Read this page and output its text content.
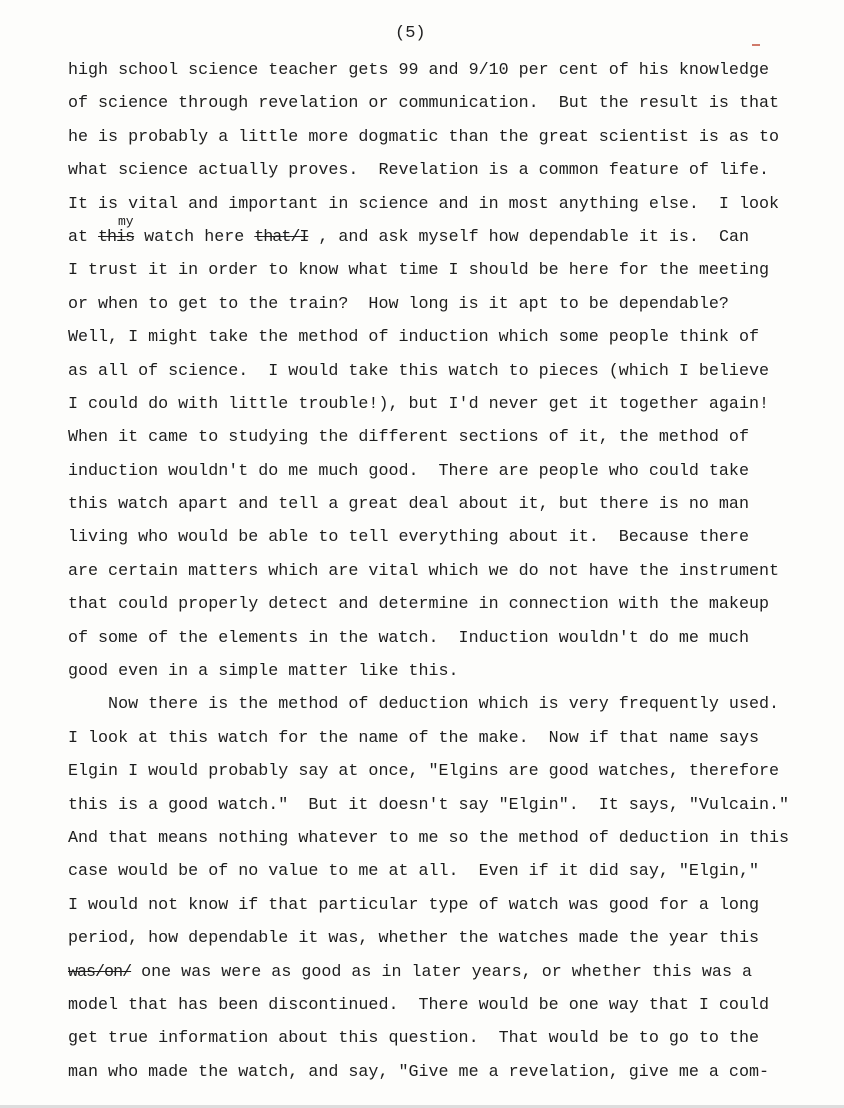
(5)
my
high school science teacher gets 99 and 9/10 per cent of his knowledge
of science through revelation or communication.  But the result is that
he is probably a little more dogmatic than the great scientist is as to
what science actually proves.  Revelation is a common feature of life.
It is vital and important in science and in most anything else.  I look
at this watch here that/I , and ask myself how dependable it is.  Can
I trust it in order to know what time I should be here for the meeting
or when to get to the train?  How long is it apt to be dependable?
Well, I might take the method of induction which some people think of
as all of science.  I would take this watch to pieces (which I believe
I could do with little trouble!), but I'd never get it together again!
When it came to studying the different sections of it, the method of
induction wouldn't do me much good.  There are people who could take
this watch apart and tell a great deal about it, but there is no man
living who would be able to tell everything about it.  Because there
are certain matters which are vital which we do not have the instrument
that could properly detect and determine in connection with the makeup
of some of the elements in the watch.  Induction wouldn't do me much
good even in a simple matter like this.
Now there is the method of deduction which is very frequently used.
I look at this watch for the name of the make.  Now if that name says
Elgin I would probably say at once, "Elgins are good watches, therefore
this is a good watch."  But it doesn't say "Elgin".  It says, "Vulcain."
And that means nothing whatever to me so the method of deduction in this
case would be of no value to me at all.  Even if it did say, "Elgin,"
I would not know if that particular type of watch was good for a long
period, how dependable it was, whether the watches made the year this
was/on/ one was were as good as in later years, or whether this was a
model that has been discontinued.  There would be one way that I could
get true information about this question.  That would be to go to the
man who made the watch, and say, "Give me a revelation, give me a com-
